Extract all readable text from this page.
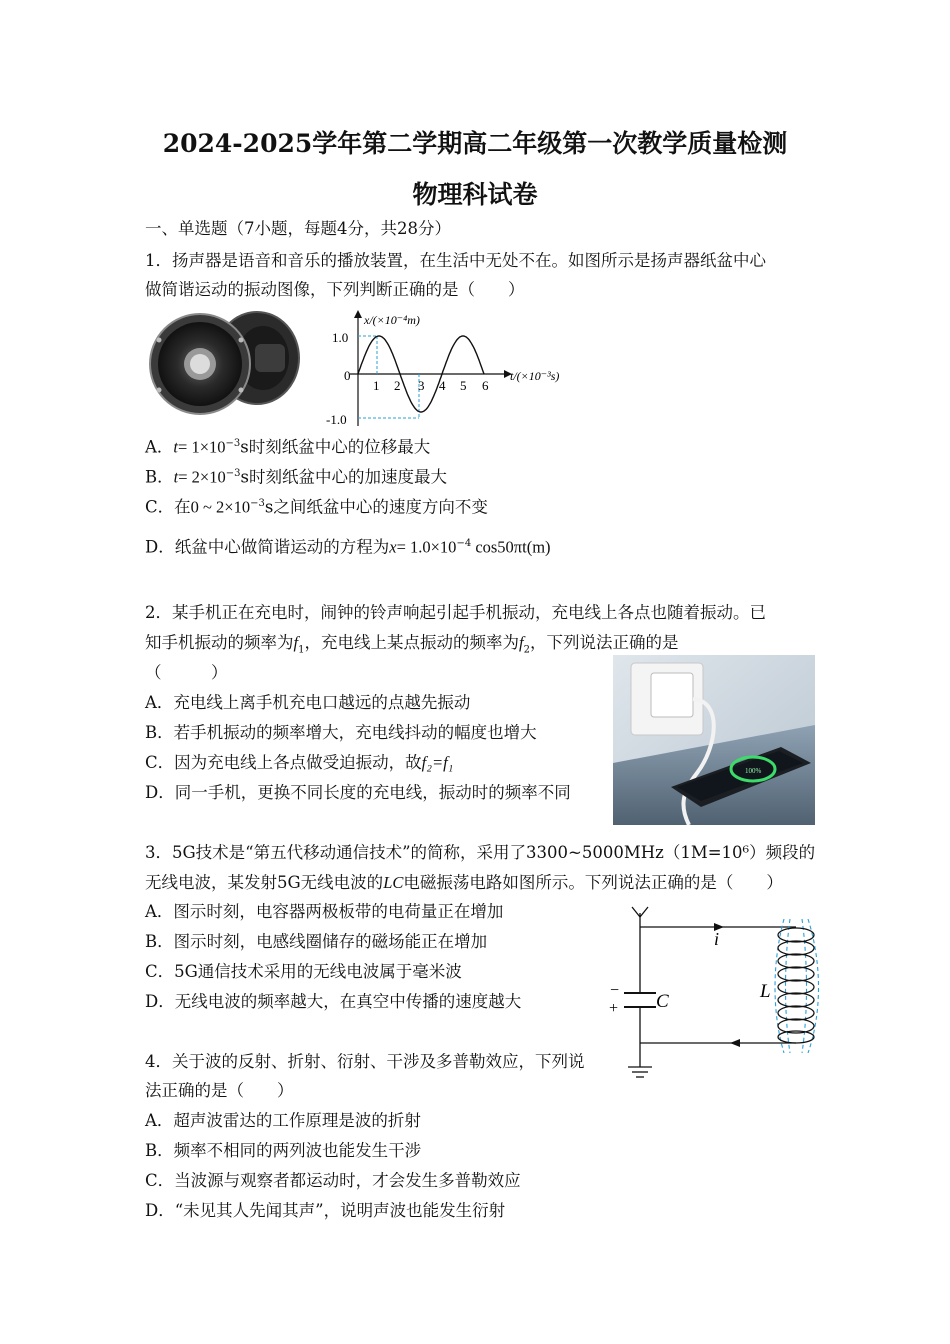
2024-2025学年第二学期高二年级第一次教学质量检测
物理科试卷
一、单选题（7小题，每题4分，共28分）
1．扬声器是语音和音乐的播放装置，在生活中无处不在。如图所示是扬声器纸盆中心
做简谐运动的振动图像，下列判断正确的是（　　）
1.0
0
-1.0
1 2 3 4 5 6
x/(×10⁻⁴m)
t/(×10⁻³s)
A．$t= 1\times 10^{-3}s$时刻纸盆中心的位移最大
B．$t= 2\times 10^{-3}s$时刻纸盆中心的加速度最大
C．在0 ~ $2\times 10^{-3}s$之间纸盆中心的速度方向不变
D．纸盆中心做简谐运动的方程为$x= 1.0\times 10^{-4}$ cos50πt(m)
2．某手机正在充电时，闹钟的铃声响起引起手机振动，充电线上各点也随着振动。已
知手机振动的频率为$f_1$，充电线上某点振动的频率为$f_2$，下列说法正确的是
（　　　）
A．充电线上离手机充电口越远的点越先振动
B．若手机振动的频率增大，充电线抖动的幅度也增大
C．因为充电线上各点做受迫振动，故f₂=f₁
D．同一手机，更换不同长度的充电线，振动时的频率不同
100%
3．5G技术是“第五代移动通信技术”的简称，采用了3300~5000MHz（1M=10⁶）频段的
无线电波，某发射5G无线电波的LC电磁振荡电路如图所示。下列说法正确的是（　　）
A．图示时刻，电容器两极板带的电荷量正在增加
B．图示时刻，电感线圈储存的磁场能正在增加
C．5G通信技术采用的无线电波属于毫米波
D．无线电波的频率越大，在真空中传播的速度越大
i
−
+ C	L
4．关于波的反射、折射、衍射、干涉及多普勒效应，下列说
法正确的是（　　）
A．超声波雷达的工作原理是波的折射
B．频率不相同的两列波也能发生干涉
C．当波源与观察者都运动时，才会发生多普勒效应
D．“未见其人先闻其声”，说明声波也能发生衍射
